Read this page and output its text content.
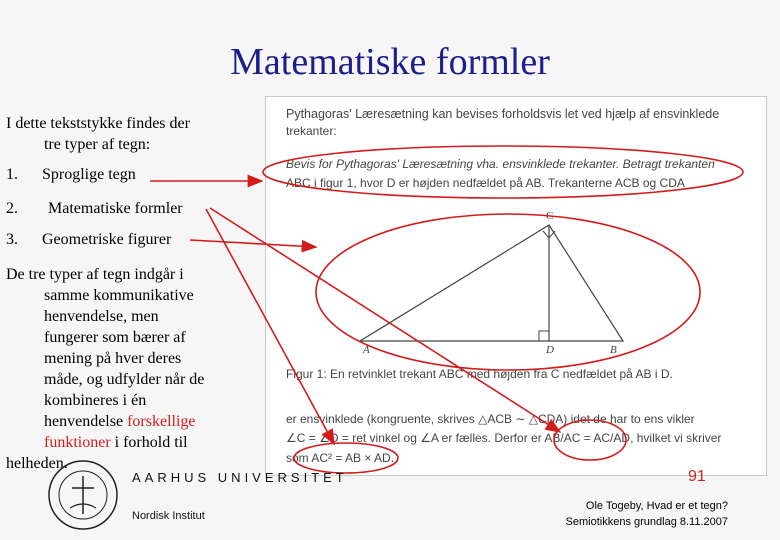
Matematiske formler
I dette tekststykke findes der
tre typer af tegn:
1. Sproglige tegn
2. Matematiske formler
3. Geometriske figurer
De tre typer af tegn indgår i
samme kommunikative
henvendelse, men
fungerer som bærer af
mening på hver deres
måde, og udfylder når de
kombineres i én
henvendelse forskellige
funktioner i forhold til
helheden.
Pythagoras' Læresætning kan bevises forholdsvis let ved hjælp af ensvinklede
trekanter:
Bevis for Pythagoras' Læresætning vha. ensvinklede trekanter. Betragt trekanten
ABC i figur 1, hvor D er højden nedfældet på AB. Trekanterne ACB og CDA
C
A	D	B
Figur 1: En retvinklet trekant ABC med højden fra C nedfældet på AB i D.
er ensvinklede (kongruente, skrives △ACB ∼ △CDA) idet de har to ens vikler
∠C = ∠D = ret vinkel og ∠A er fælles. Derfor er AB/AC = AC/AD, hvilket vi skriver
som AC² = AB × AD.
AARHUS UNIVERSITET
Nordisk Institut
91
Ole Togeby, Hvad er et tegn?
Semiotikkens grundlag 8.11.2007
